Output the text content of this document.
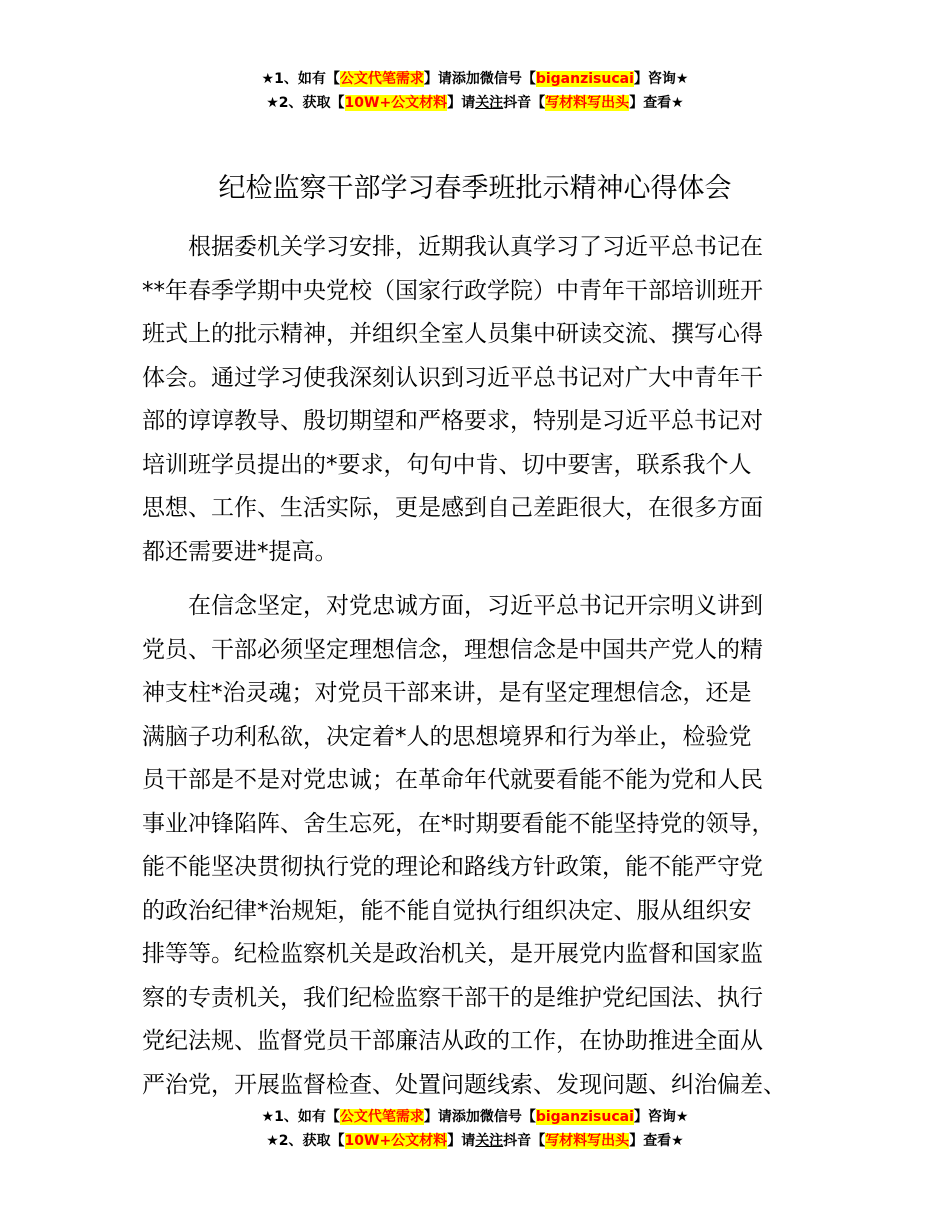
★1、如有【公文代笔需求】请添加微信号【biganzisucai】咨询★
★2、获取【10W+公文材料】请关注抖音【写材料写出头】查看★
纪检监察干部学习春季班批示精神心得体会
根据委机关学习安排，近期我认真学习了习近平总书记在
**年春季学期中央党校（国家行政学院）中青年干部培训班开
班式上的批示精神，并组织全室人员集中研读交流、撰写心得
体会。通过学习使我深刻认识到习近平总书记对广大中青年干
部的谆谆教导、殷切期望和严格要求，特别是习近平总书记对
培训班学员提出的*要求，句句中肯、切中要害，联系我个人
思想、工作、生活实际，更是感到自己差距很大，在很多方面
都还需要进*提高。
在信念坚定，对党忠诚方面，习近平总书记开宗明义讲到
党员、干部必须坚定理想信念，理想信念是中国共产党人的精
神支柱*治灵魂；对党员干部来讲，是有坚定理想信念，还是
满脑子功利私欲，决定着*人的思想境界和行为举止，检验党
员干部是不是对党忠诚；在革命年代就要看能不能为党和人民
事业冲锋陷阵、舍生忘死，在*时期要看能不能坚持党的领导，
能不能坚决贯彻执行党的理论和路线方针政策，能不能严守党
的政治纪律*治规矩，能不能自觉执行组织决定、服从组织安
排等等。纪检监察机关是政治机关，是开展党内监督和国家监
察的专责机关，我们纪检监察干部干的是维护党纪国法、执行
党纪法规、监督党员干部廉洁从政的工作，在协助推进全面从
严治党，开展监督检查、处置问题线索、发现问题、纠治偏差、
★1、如有【公文代笔需求】请添加微信号【biganzisucai】咨询★
★2、获取【10W+公文材料】请关注抖音【写材料写出头】查看★
